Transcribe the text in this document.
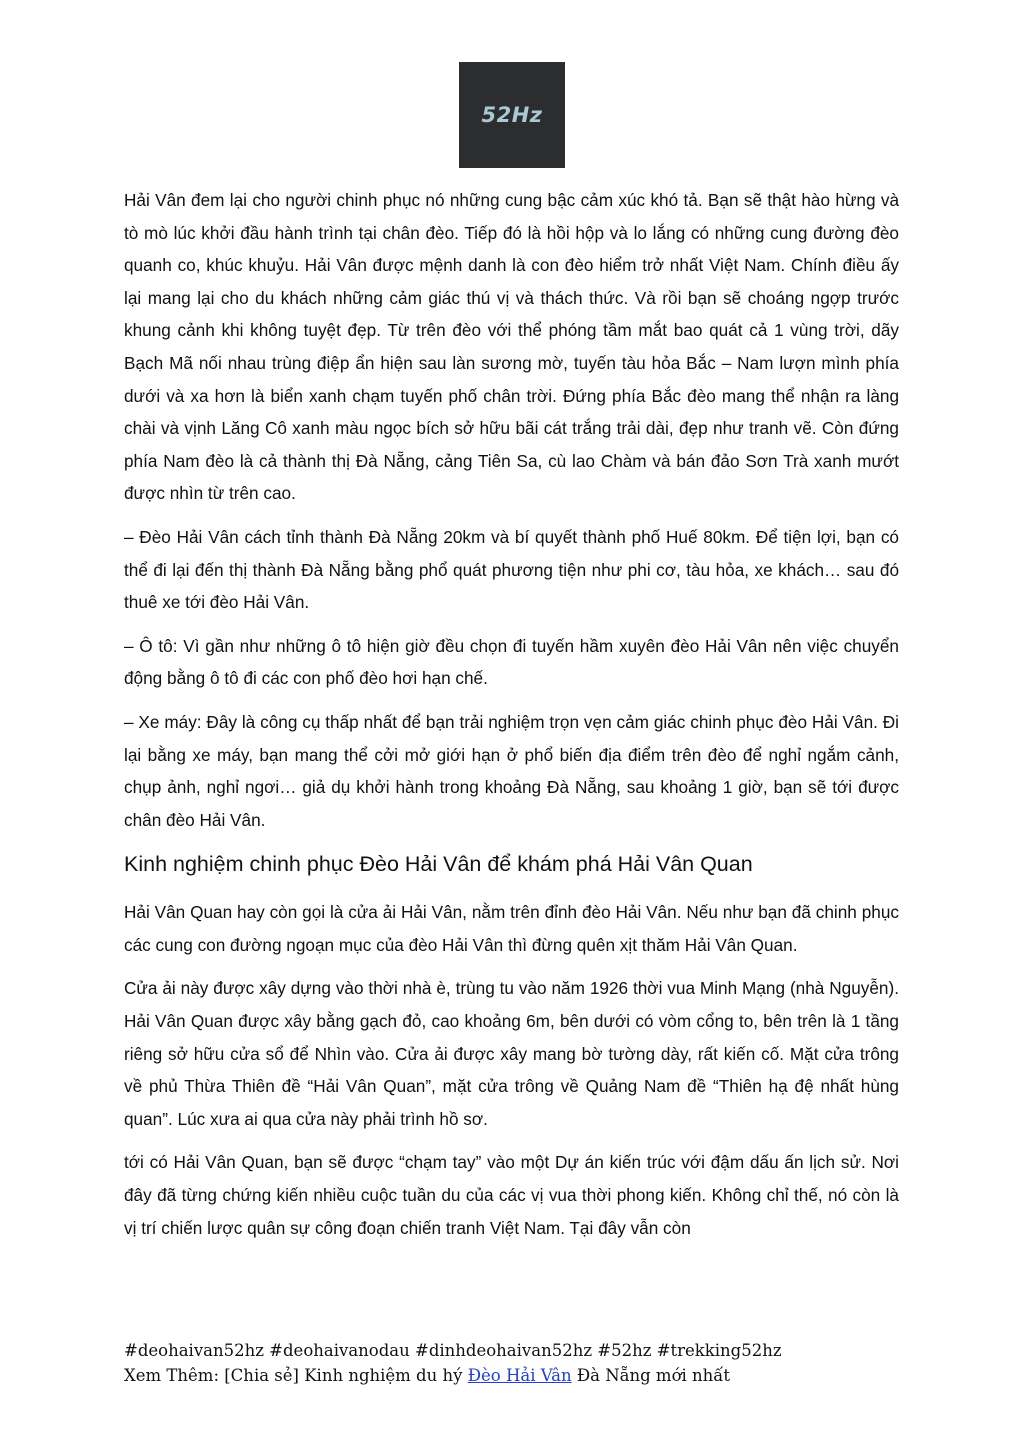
52Hz

Hải Vân đem lại cho người chinh phục nó những cung bậc cảm xúc khó tả. Bạn sẽ thật hào hừng và tò mò lúc khởi đầu hành trình tại chân đèo. Tiếp đó là hồi hộp và lo lắng có những cung đường đèo quanh co, khúc khuỷu. Hải Vân được mệnh danh là con đèo hiểm trở nhất Việt Nam. Chính điều ấy lại mang lại cho du khách những cảm giác thú vị và thách thức. Và rồi bạn sẽ choáng ngợp trước khung cảnh khi không tuyệt đẹp. Từ trên đèo với thể phóng tầm mắt bao quát cả 1 vùng trời, dãy Bạch Mã nối nhau trùng điệp ẩn hiện sau làn sương mờ, tuyến tàu hỏa Bắc – Nam lượn mình phía dưới và xa hơn là biển xanh chạm tuyến phố chân trời. Đứng phía Bắc đèo mang thể nhận ra làng chài và vịnh Lăng Cô xanh màu ngọc bích sở hữu bãi cát trắng trải dài, đẹp như tranh vẽ. Còn đứng phía Nam đèo là cả thành thị Đà Nẵng, cảng Tiên Sa, cù lao Chàm và bán đảo Sơn Trà xanh mướt được nhìn từ trên cao.

– Đèo Hải Vân cách tỉnh thành Đà Nẵng 20km và bí quyết thành phố Huế 80km. Để tiện lợi, bạn có thể đi lại đến thị thành Đà Nẵng bằng phổ quát phương tiện như phi cơ, tàu hỏa, xe khách… sau đó thuê xe tới đèo Hải Vân.

– Ô tô: Vì gần như những ô tô hiện giờ đều chọn đi tuyến hầm xuyên đèo Hải Vân nên việc chuyển động bằng ô tô đi các con phố đèo hơi hạn chế.

– Xe máy: Đây là công cụ thấp nhất để bạn trải nghiệm trọn vẹn cảm giác chinh phục đèo Hải Vân. Đi lại bằng xe máy, bạn mang thể cởi mở giới hạn ở phổ biến địa điểm trên đèo để nghỉ ngắm cảnh, chụp ảnh, nghỉ ngơi… giả dụ khởi hành trong khoảng Đà Nẵng, sau khoảng 1 giờ, bạn sẽ tới được chân đèo Hải Vân.

Kinh nghiệm chinh phục Đèo Hải Vân để khám phá Hải Vân Quan

Hải Vân Quan hay còn gọi là cửa ải Hải Vân, nằm trên đỉnh đèo Hải Vân. Nếu như bạn đã chinh phục các cung con đường ngoạn mục của đèo Hải Vân thì đừng quên xịt thăm Hải Vân Quan.

Cửa ải này được xây dựng vào thời nhà è, trùng tu vào năm 1926 thời vua Minh Mạng (nhà Nguyễn). Hải Vân Quan được xây bằng gạch đỏ, cao khoảng 6m, bên dưới có vòm cổng to, bên trên là 1 tầng riêng sở hữu cửa sổ để Nhìn vào. Cửa ải được xây mang bờ tường dày, rất kiến cố. Mặt cửa trông về phủ Thừa Thiên đề “Hải Vân Quan”, mặt cửa trông về Quảng Nam đề “Thiên hạ đệ nhất hùng quan”. Lúc xưa ai qua cửa này phải trình hồ sơ.

tới có Hải Vân Quan, bạn sẽ được “chạm tay” vào một Dự án kiến trúc với đậm dấu ấn lịch sử. Nơi đây đã từng chứng kiến nhiều cuộc tuần du của các vị vua thời phong kiến. Không chỉ thế, nó còn là vị trí chiến lược quân sự công đoạn chiến tranh Việt Nam. Tại đây vẫn còn

#deohaivan52hz #deohaivanodau #dinhdeohaivan52hz #52hz #trekking52hz
Xem Thêm: [Chia sẻ] Kinh nghiệm du hý Đèo Hải Vân Đà Nẵng mới nhất
